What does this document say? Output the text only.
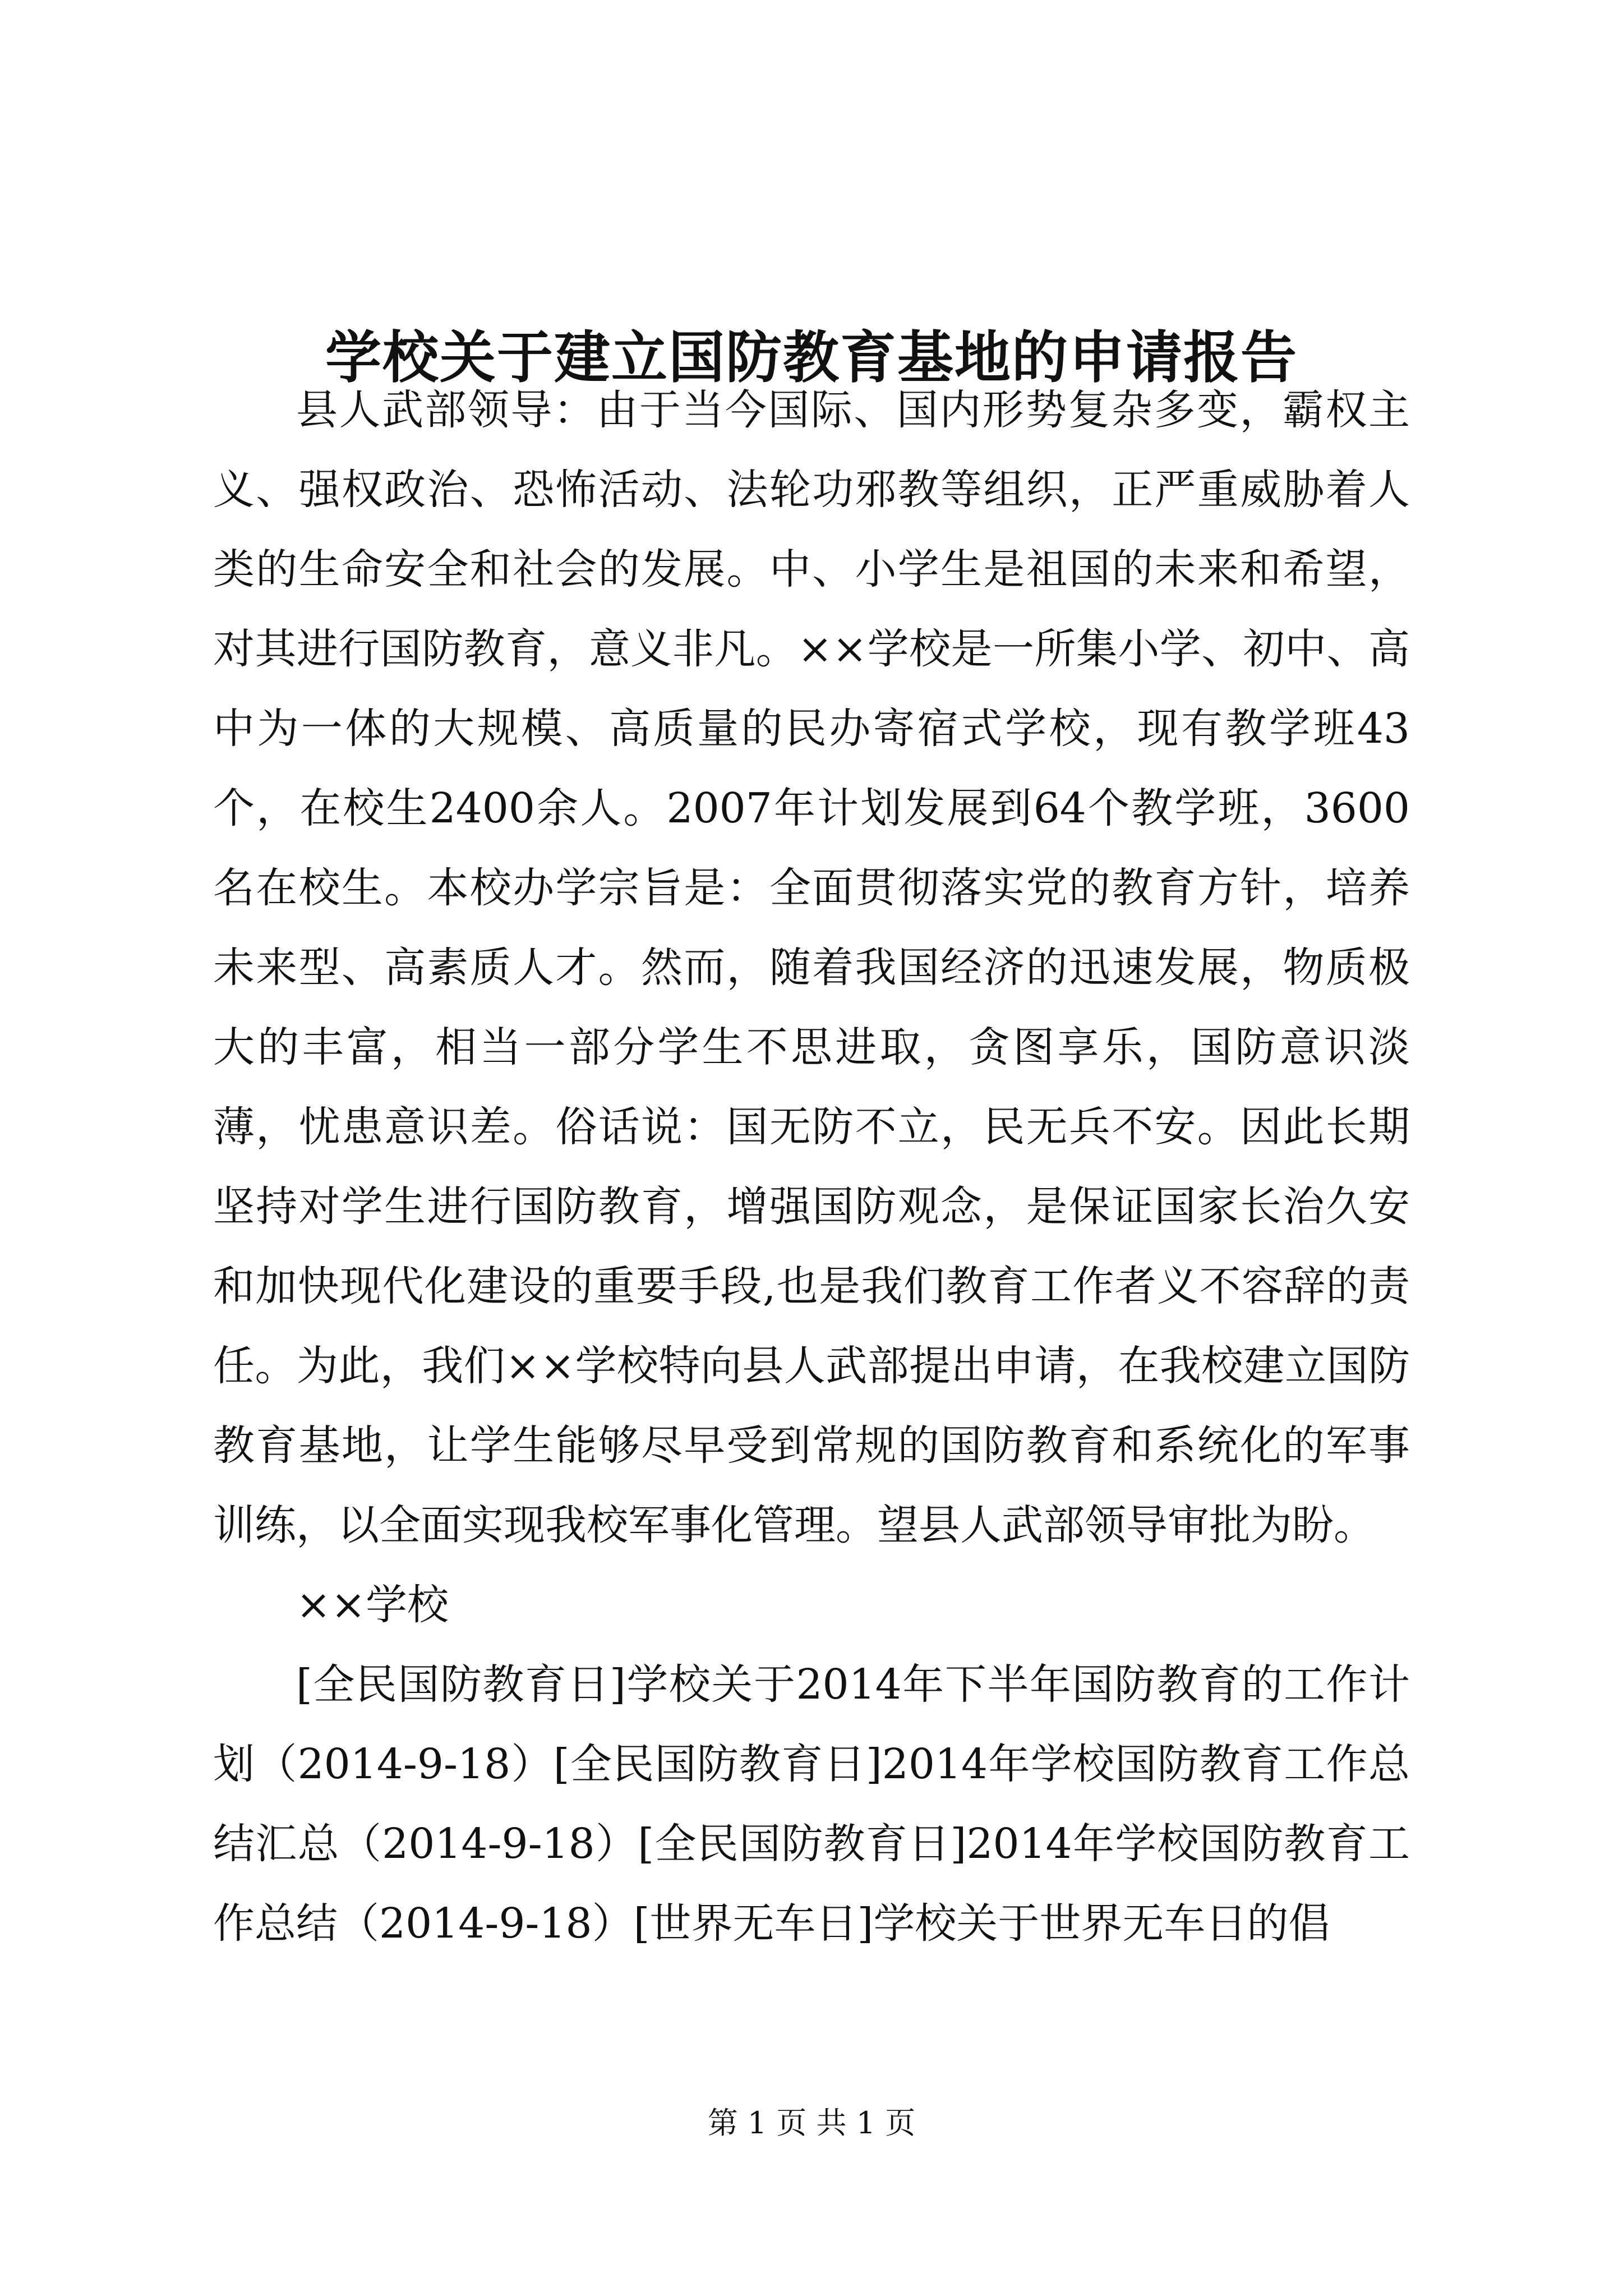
学校关于建立国防教育基地的申请报告

县人武部领导：由于当今国际、国内形势复杂多变，霸权主义、强权政治、恐怖活动、法轮功邪教等组织，正严重威胁着人类的生命安全和社会的发展。中、小学生是祖国的未来和希望，对其进行国防教育，意义非凡。××学校是一所集小学、初中、高中为一体的大规模、高质量的民办寄宿式学校，现有教学班43个，在校生2400余人。2007年计划发展到64个教学班，3600名在校生。本校办学宗旨是：全面贯彻落实党的教育方针，培养未来型、高素质人才。然而，随着我国经济的迅速发展，物质极大的丰富，相当一部分学生不思进取，贪图享乐，国防意识淡薄，忧患意识差。俗话说：国无防不立，民无兵不安。因此长期坚持对学生进行国防教育，增强国防观念，是保证国家长治久安和加快现代化建设的重要手段,也是我们教育工作者义不容辞的责任。为此，我们××学校特向县人武部提出申请，在我校建立国防教育基地，让学生能够尽早受到常规的国防教育和系统化的军事训练，以全面实现我校军事化管理。望县人武部领导审批为盼。

××学校

[全民国防教育日]学校关于2014年下半年国防教育的工作计划（2014-9-18）[全民国防教育日]2014年学校国防教育工作总结汇总（2014-9-18）[全民国防教育日]2014年学校国防教育工作总结（2014-9-18）[世界无车日]学校关于世界无车日的倡

第 1 页 共 1 页
